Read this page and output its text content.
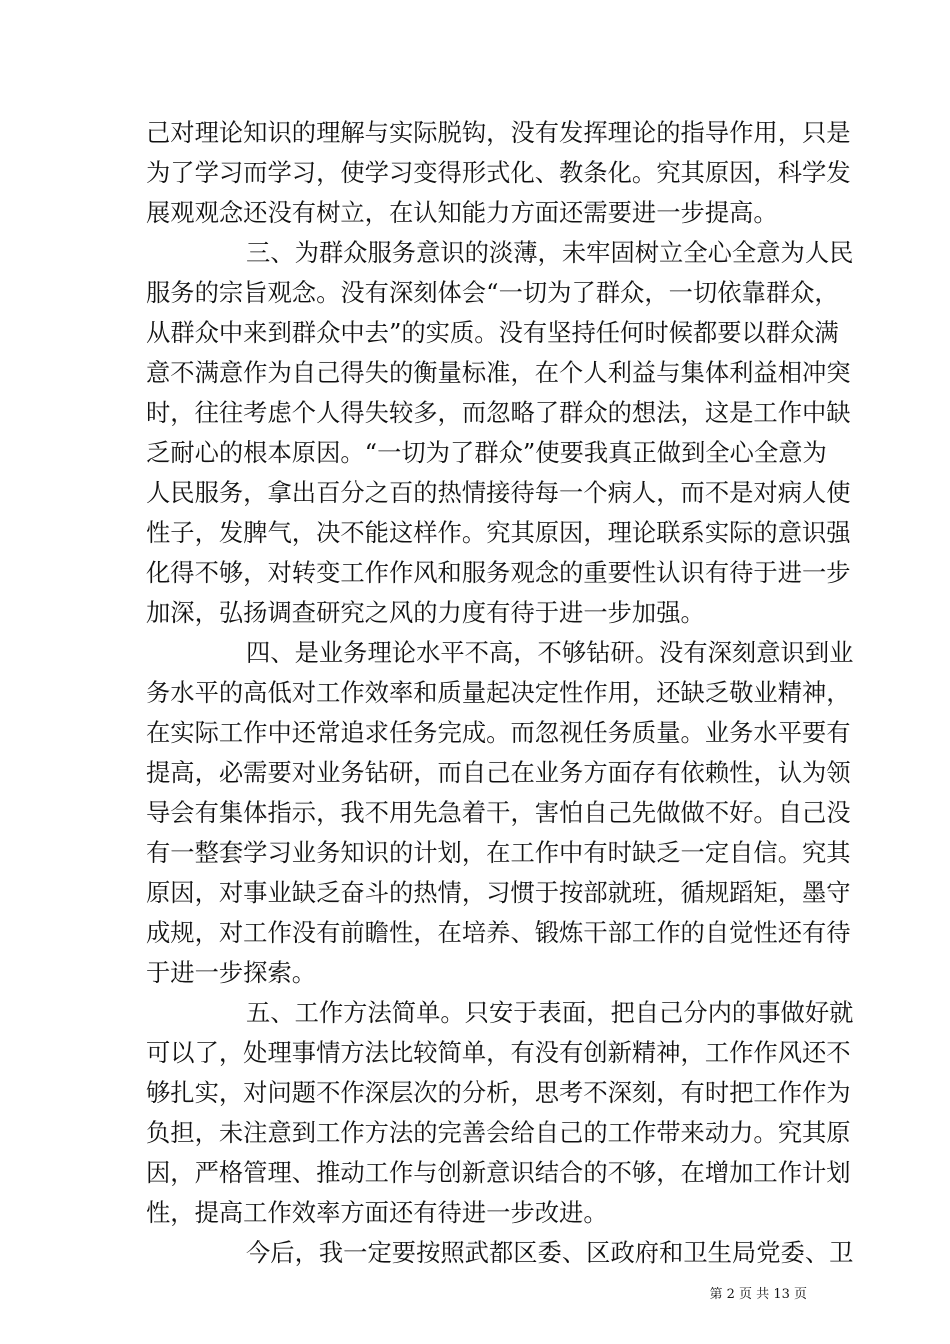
己对理论知识的理解与实际脱钩，没有发挥理论的指导作用，只是
为了学习而学习，使学习变得形式化、教条化。究其原因，科学发
展观观念还没有树立，在认知能力方面还需要进一步提高。
三、为群众服务意识的淡薄，未牢固树立全心全意为人民
服务的宗旨观念。没有深刻体会“一切为了群众，一切依靠群众，
从群众中来到群众中去”的实质。没有坚持任何时候都要以群众满
意不满意作为自己得失的衡量标准，在个人利益与集体利益相冲突
时，往往考虑个人得失较多，而忽略了群众的想法，这是工作中缺
乏耐心的根本原因。“一切为了群众”使要我真正做到全心全意为
人民服务，拿出百分之百的热情接待每一个病人，而不是对病人使
性子，发脾气，决不能这样作。究其原因，理论联系实际的意识强
化得不够，对转变工作作风和服务观念的重要性认识有待于进一步
加深，弘扬调查研究之风的力度有待于进一步加强。
四、是业务理论水平不高，不够钻研。没有深刻意识到业
务水平的高低对工作效率和质量起决定性作用，还缺乏敬业精神，
在实际工作中还常追求任务完成。而忽视任务质量。业务水平要有
提高，必需要对业务钻研，而自己在业务方面存有依赖性，认为领
导会有集体指示，我不用先急着干，害怕自己先做做不好。自己没
有一整套学习业务知识的计划，在工作中有时缺乏一定自信。究其
原因，对事业缺乏奋斗的热情，习惯于按部就班，循规蹈矩，墨守
成规，对工作没有前瞻性，在培养、锻炼干部工作的自觉性还有待
于进一步探索。
五、工作方法简单。只安于表面，把自己分内的事做好就
可以了，处理事情方法比较简单，有没有创新精神，工作作风还不
够扎实，对问题不作深层次的分析，思考不深刻，有时把工作作为
负担，未注意到工作方法的完善会给自己的工作带来动力。究其原
因，严格管理、推动工作与创新意识结合的不够，在增加工作计划
性，提高工作效率方面还有待进一步改进。
今后，我一定要按照武都区委、区政府和卫生局党委、卫
第 2 页 共 13 页
